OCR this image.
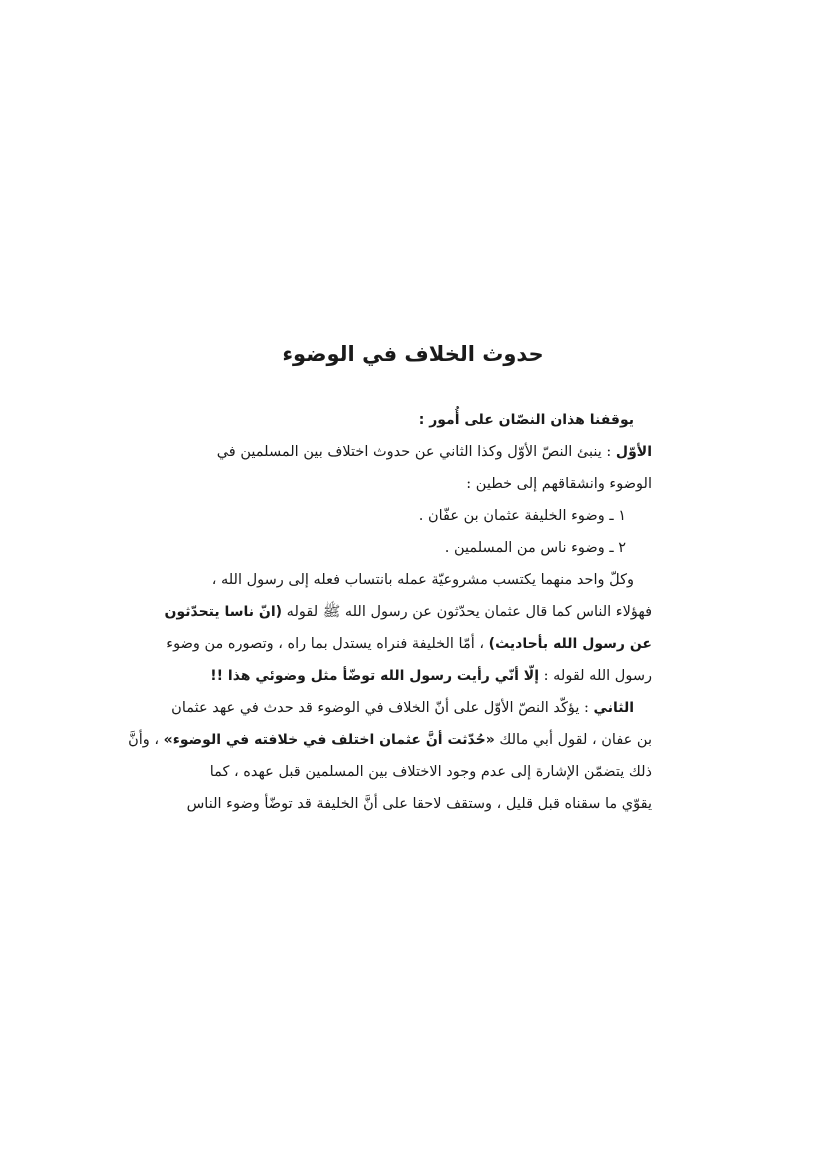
حدوث الخلاف في الوضوء
يوقفنا هذان النصّان على أُمور :
الأوّل : ينبئ النصّ الأوّل وكذا الثاني عن حدوث اختلاف بين المسلمين في
الوضوء وانشقاقهم إلى خطين :
١ ـ وضوء الخليفة عثمان بن عفّان .
٢ ـ وضوء ناس من المسلمين .
وكلّ واحد منهما يكتسب مشروعيّة عمله بانتساب فعله إلى رسول الله ،
فهؤلاء الناس كما قال عثمان يحدّثون عن رسول الله ﷺ لقوله (انّ ناسا يتحدّثون
عن رسول الله بأحاديث) ، أمّا الخليفة فنراه يستدل بما راه ، وتصوره من وضوء
رسول الله لقوله : إلّا أنّي رأيت رسول الله توضّأ مثل وضوئي هذا !!
الثاني : يؤكّد النصّ الأوّل على أنّ الخلاف في الوضوء قد حدث في عهد عثمان
بن عفان ، لقول أبي مالك «حُدّثت أنَّ عثمان اختلف في خلافته في الوضوء» ، وأنَّ
ذلك يتضمّن الإشارة إلى عدم وجود الاختلاف بين المسلمين قبل عهده ، كما
يقوّي ما سقناه قبل قليل ، وستقف لاحقا على أنَّ الخليفة قد توضّأ وضوء الناس
